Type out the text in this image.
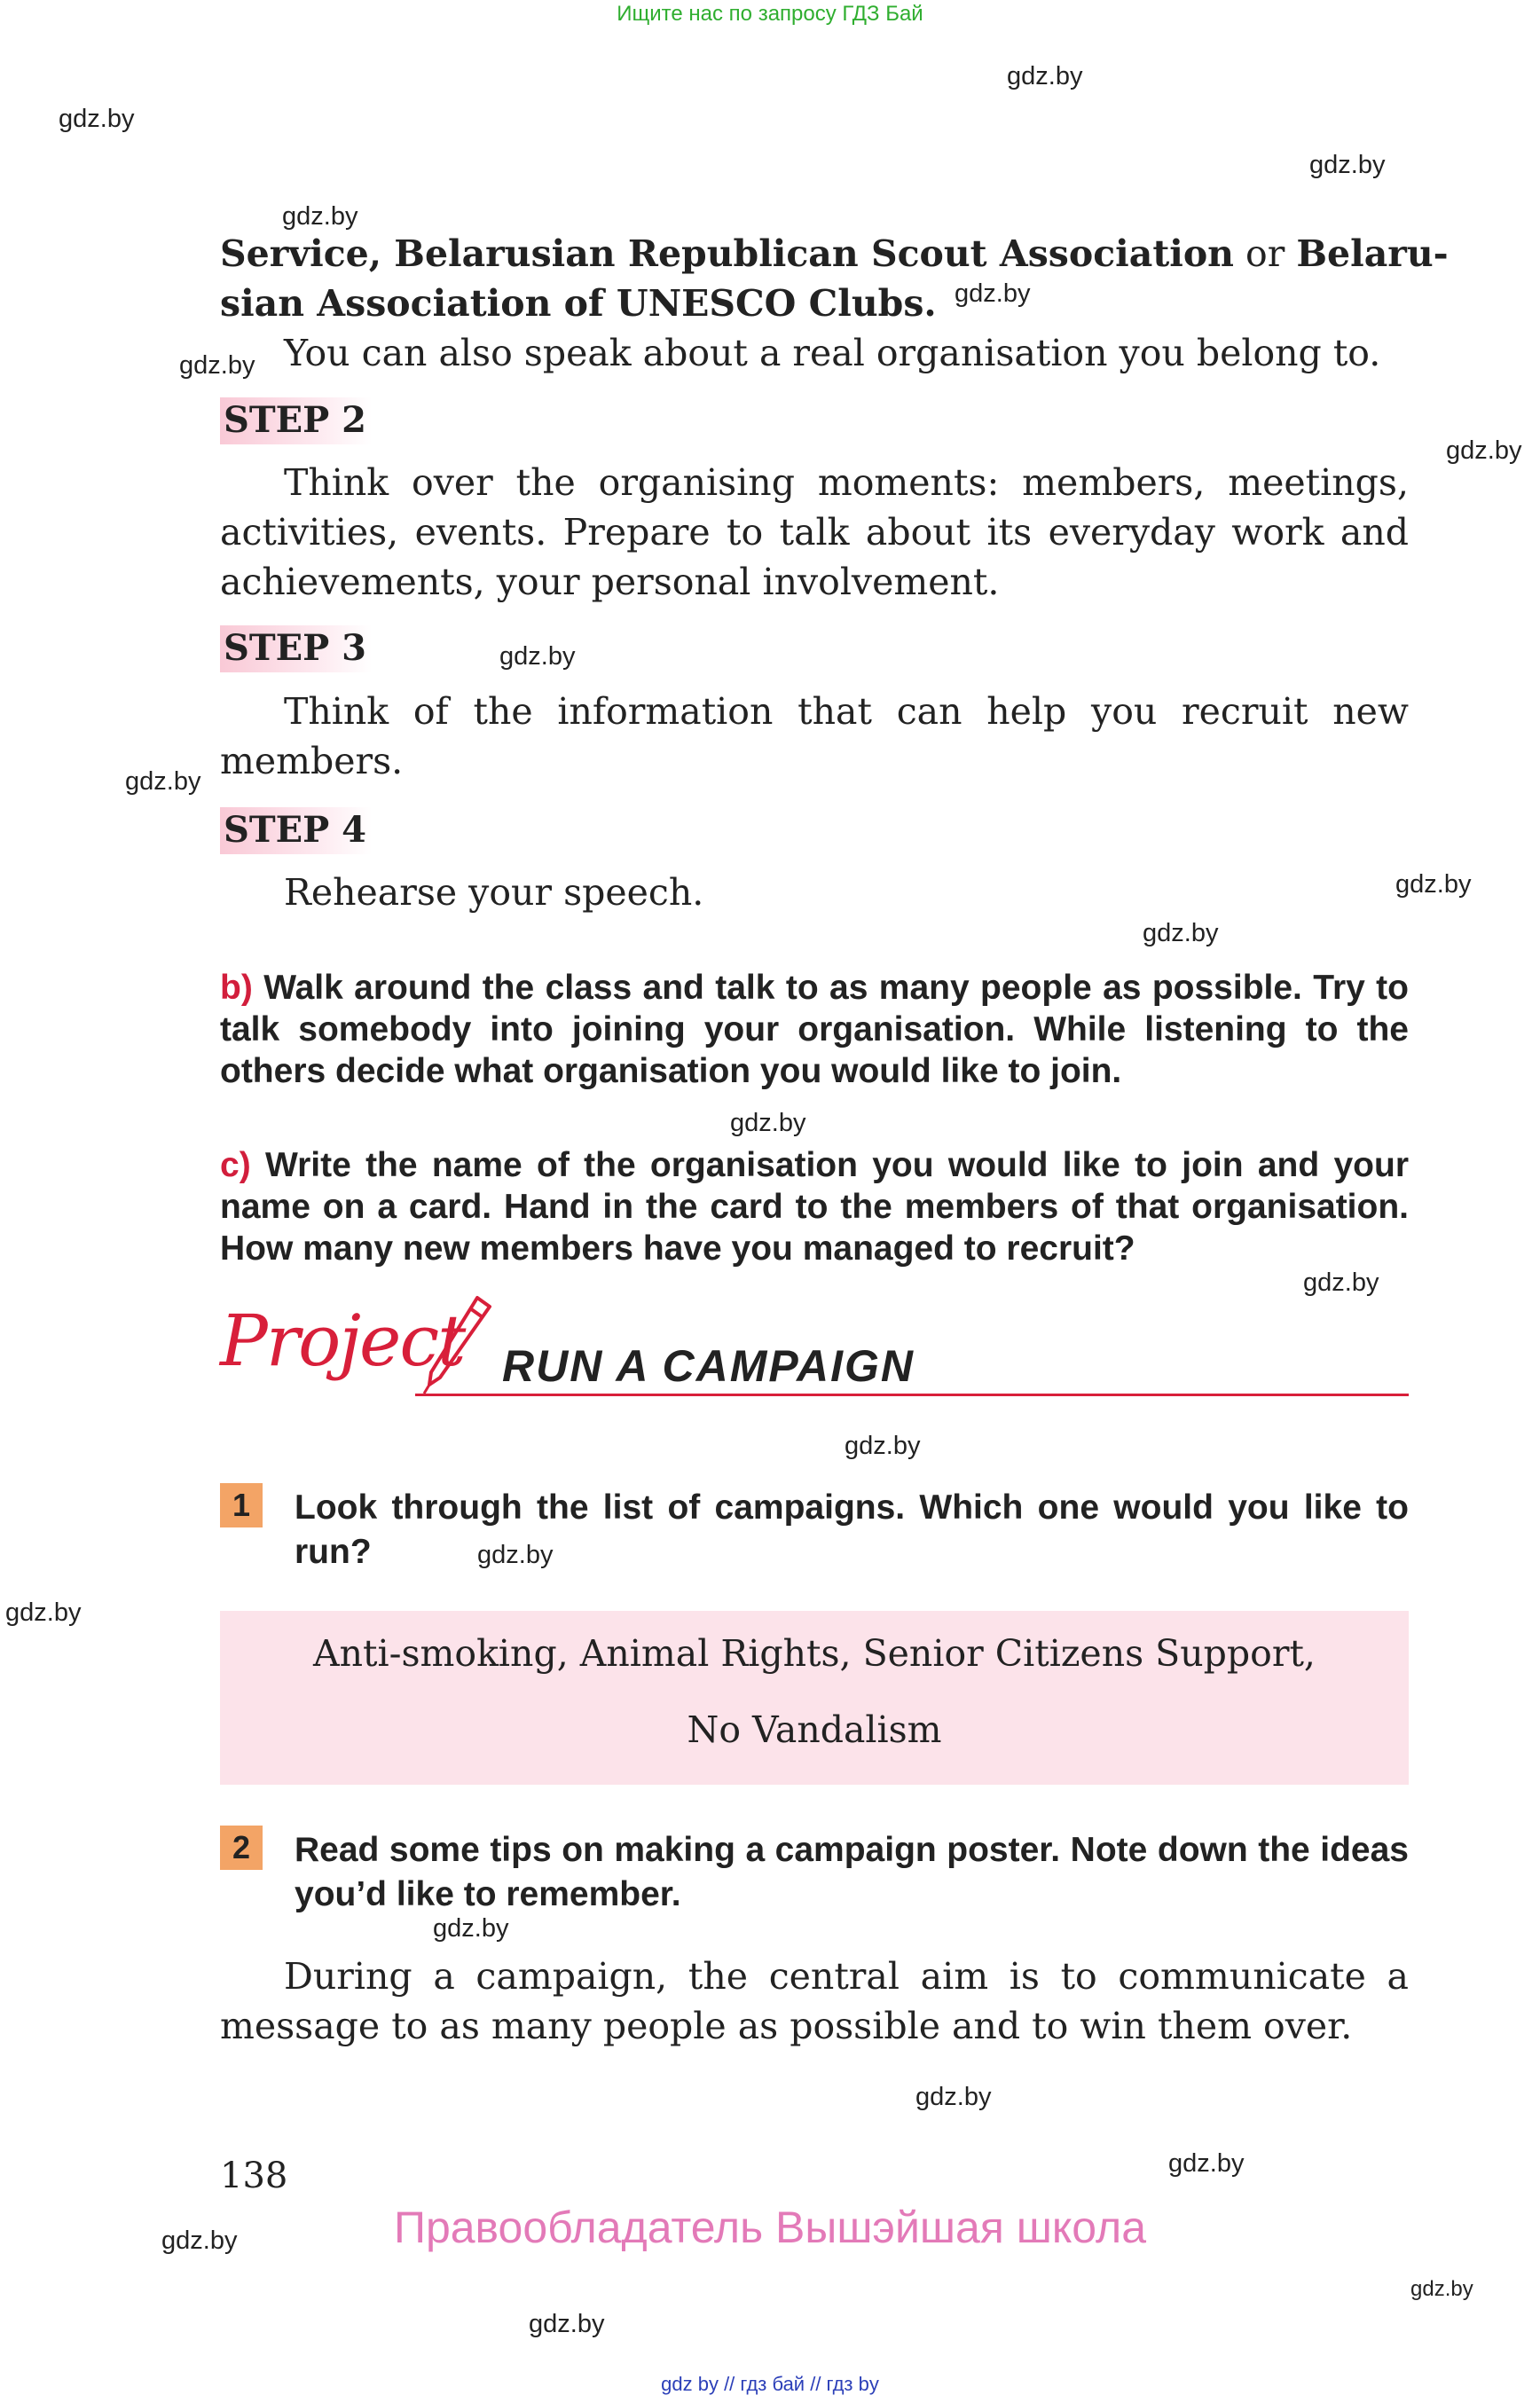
Ищите нас по запросу ГДЗ Бай
gdz.by
gdz.by
gdz.by
gdz.by
gdz.by
gdz.by
gdz.by
gdz.by
gdz.by
gdz.by
gdz.by
gdz.by
gdz.by
gdz.by
gdz.by
gdz.by
gdz.by
gdz.by
gdz.by
gdz.by
gdz.by
gdz.by
Service, Belarusian Republican Scout Association or Belaru-
sian Association of UNESCO Clubs.
You can also speak about a real organisation you belong to.
STEP 2
Think over the organising moments: members, meetings, activities, events. Prepare to talk about its everyday work and achievements, your personal involvement.
STEP 3
Think of the information that can help you recruit new members.
STEP 4
Rehearse your speech.
b) Walk around the class and talk to as many people as possible. Try to talk somebody into joining your organisation. While listening to the others decide what organisation you would like to join.
c) Write the name of the organisation you would like to join and your name on a card. Hand in the card to the members of that organisation. How many new members have you managed to recruit?
Project RUN A CAMPAIGN
1	Look through the list of campaigns. Which one would you like to run?
Anti-smoking, Animal Rights, Senior Citizens Support,
No Vandalism
2	Read some tips on making a campaign poster. Note down the ideas you’d like to remember.
During a campaign, the central aim is to communicate a message to as many people as possible and to win them over.
138
Правообладатель Вышэйшая школа
gdz by // гдз бай // гдз by
